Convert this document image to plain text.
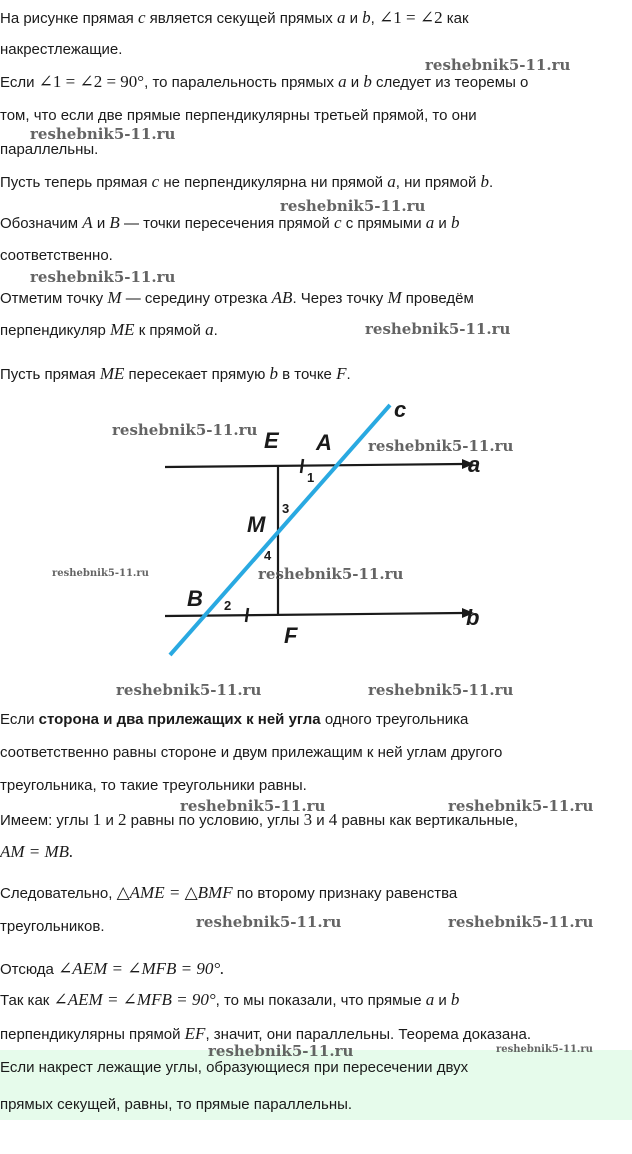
На рисунке прямая c является секущей прямых a и b, ∠1 = ∠2 как
накрестлежащие.
Если ∠1 = ∠2 = 90°, то паралельность прямых a и b следует из теоремы о
том, что если две прямые перпендикулярны третьей прямой, то они
параллельны.
Пусть теперь прямая c не перпендикулярна ни прямой a, ни прямой b.
Обозначим A и B — точки пересечения прямой c с прямыми a и b
соответственно.
Отметим точку M — середину отрезка AB. Через точку M проведём
перпендикуляр ME к прямой a.
Пусть прямая ME пересекает прямую b в точке F.
c
a
b
E A
M
B
F
1
2
3
4
Если сторона и два прилежащих к ней угла одного треугольника
соответственно равны стороне и двум прилежащим к ней углам другого
треугольника, то такие треугольники равны.
Имеем: углы 1 и 2 равны по условию, углы 3 и 4 равны как вертикальные,
AM = MB.
Следовательно, △AME = △BMF по второму признаку равенства
треугольников.
Отсюда ∠AEM = ∠MFB = 90°.
Так как ∠AEM = ∠MFB = 90°, то мы показали, что прямые a и b
перпендикулярны прямой EF, значит, они параллельны. Теорема доказана.
Если накрест лежащие углы, образующиеся при пересечении двух
прямых секущей, равны, то прямые параллельны.
reshebnik5-11.ru
reshebnik5-11.ru
reshebnik5-11.ru
reshebnik5-11.ru
reshebnik5-11.ru
reshebnik5-11.ru
reshebnik5-11.ru
reshebnik5-11.ru	reshebnik5-11.ru
reshebnik5-11.ru	reshebnik5-11.ru
reshebnik5-11.ru	reshebnik5-11.ru
reshebnik5-11.ru	reshebnik5-11.ru
reshebnik5-11.ru	reshebnik5-11.ru
